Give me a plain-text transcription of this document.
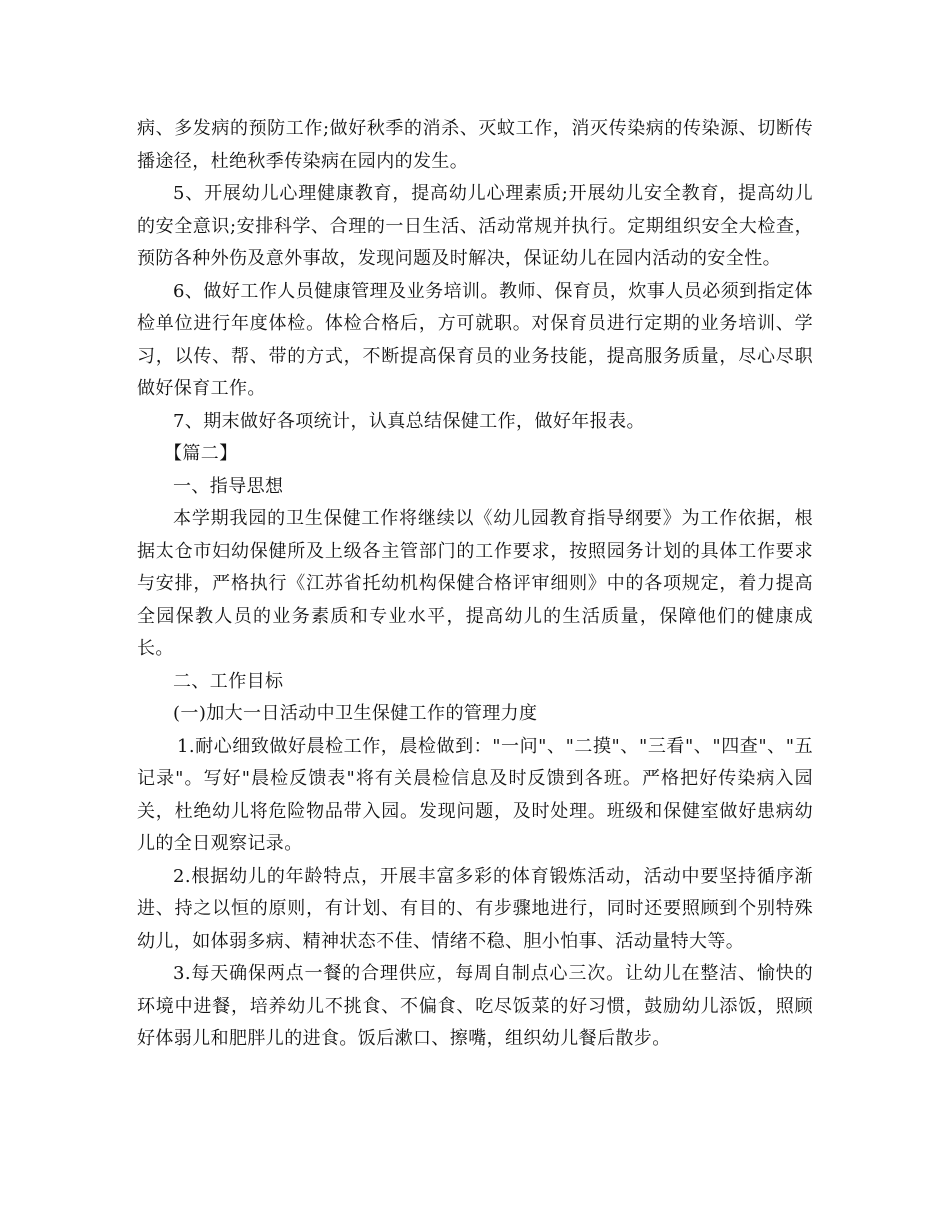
病、多发病的预防工作;做好秋季的消杀、灭蚊工作，消灭传染病的传染源、切断传播途径，杜绝秋季传染病在园内的发生。

5、开展幼儿心理健康教育，提高幼儿心理素质;开展幼儿安全教育，提高幼儿的安全意识;安排科学、合理的一日生活、活动常规并执行。定期组织安全大检查，预防各种外伤及意外事故，发现问题及时解决，保证幼儿在园内活动的安全性。

6、做好工作人员健康管理及业务培训。教师、保育员，炊事人员必须到指定体检单位进行年度体检。体检合格后，方可就职。对保育员进行定期的业务培训、学习，以传、帮、带的方式，不断提高保育员的业务技能，提高服务质量，尽心尽职做好保育工作。

7、期末做好各项统计，认真总结保健工作，做好年报表。

【篇二】

一、指导思想

本学期我园的卫生保健工作将继续以《幼儿园教育指导纲要》为工作依据，根据太仓市妇幼保健所及上级各主管部门的工作要求，按照园务计划的具体工作要求与安排，严格执行《江苏省托幼机构保健合格评审细则》中的各项规定，着力提高全园保教人员的业务素质和专业水平，提高幼儿的生活质量，保障他们的健康成长。

二、工作目标

(一)加大一日活动中卫生保健工作的管理力度

1.耐心细致做好晨检工作，晨检做到："一问"、"二摸"、"三看"、"四查"、"五记录"。写好"晨检反馈表"将有关晨检信息及时反馈到各班。严格把好传染病入园关，杜绝幼儿将危险物品带入园。发现问题，及时处理。班级和保健室做好患病幼儿的全日观察记录。

2.根据幼儿的年龄特点，开展丰富多彩的体育锻炼活动，活动中要坚持循序渐进、持之以恒的原则，有计划、有目的、有步骤地进行，同时还要照顾到个别特殊幼儿，如体弱多病、精神状态不佳、情绪不稳、胆小怕事、活动量特大等。

3.每天确保两点一餐的合理供应，每周自制点心三次。让幼儿在整洁、愉快的环境中进餐，培养幼儿不挑食、不偏食、吃尽饭菜的好习惯，鼓励幼儿添饭，照顾好体弱儿和肥胖儿的进食。饭后漱口、擦嘴，组织幼儿餐后散步。
